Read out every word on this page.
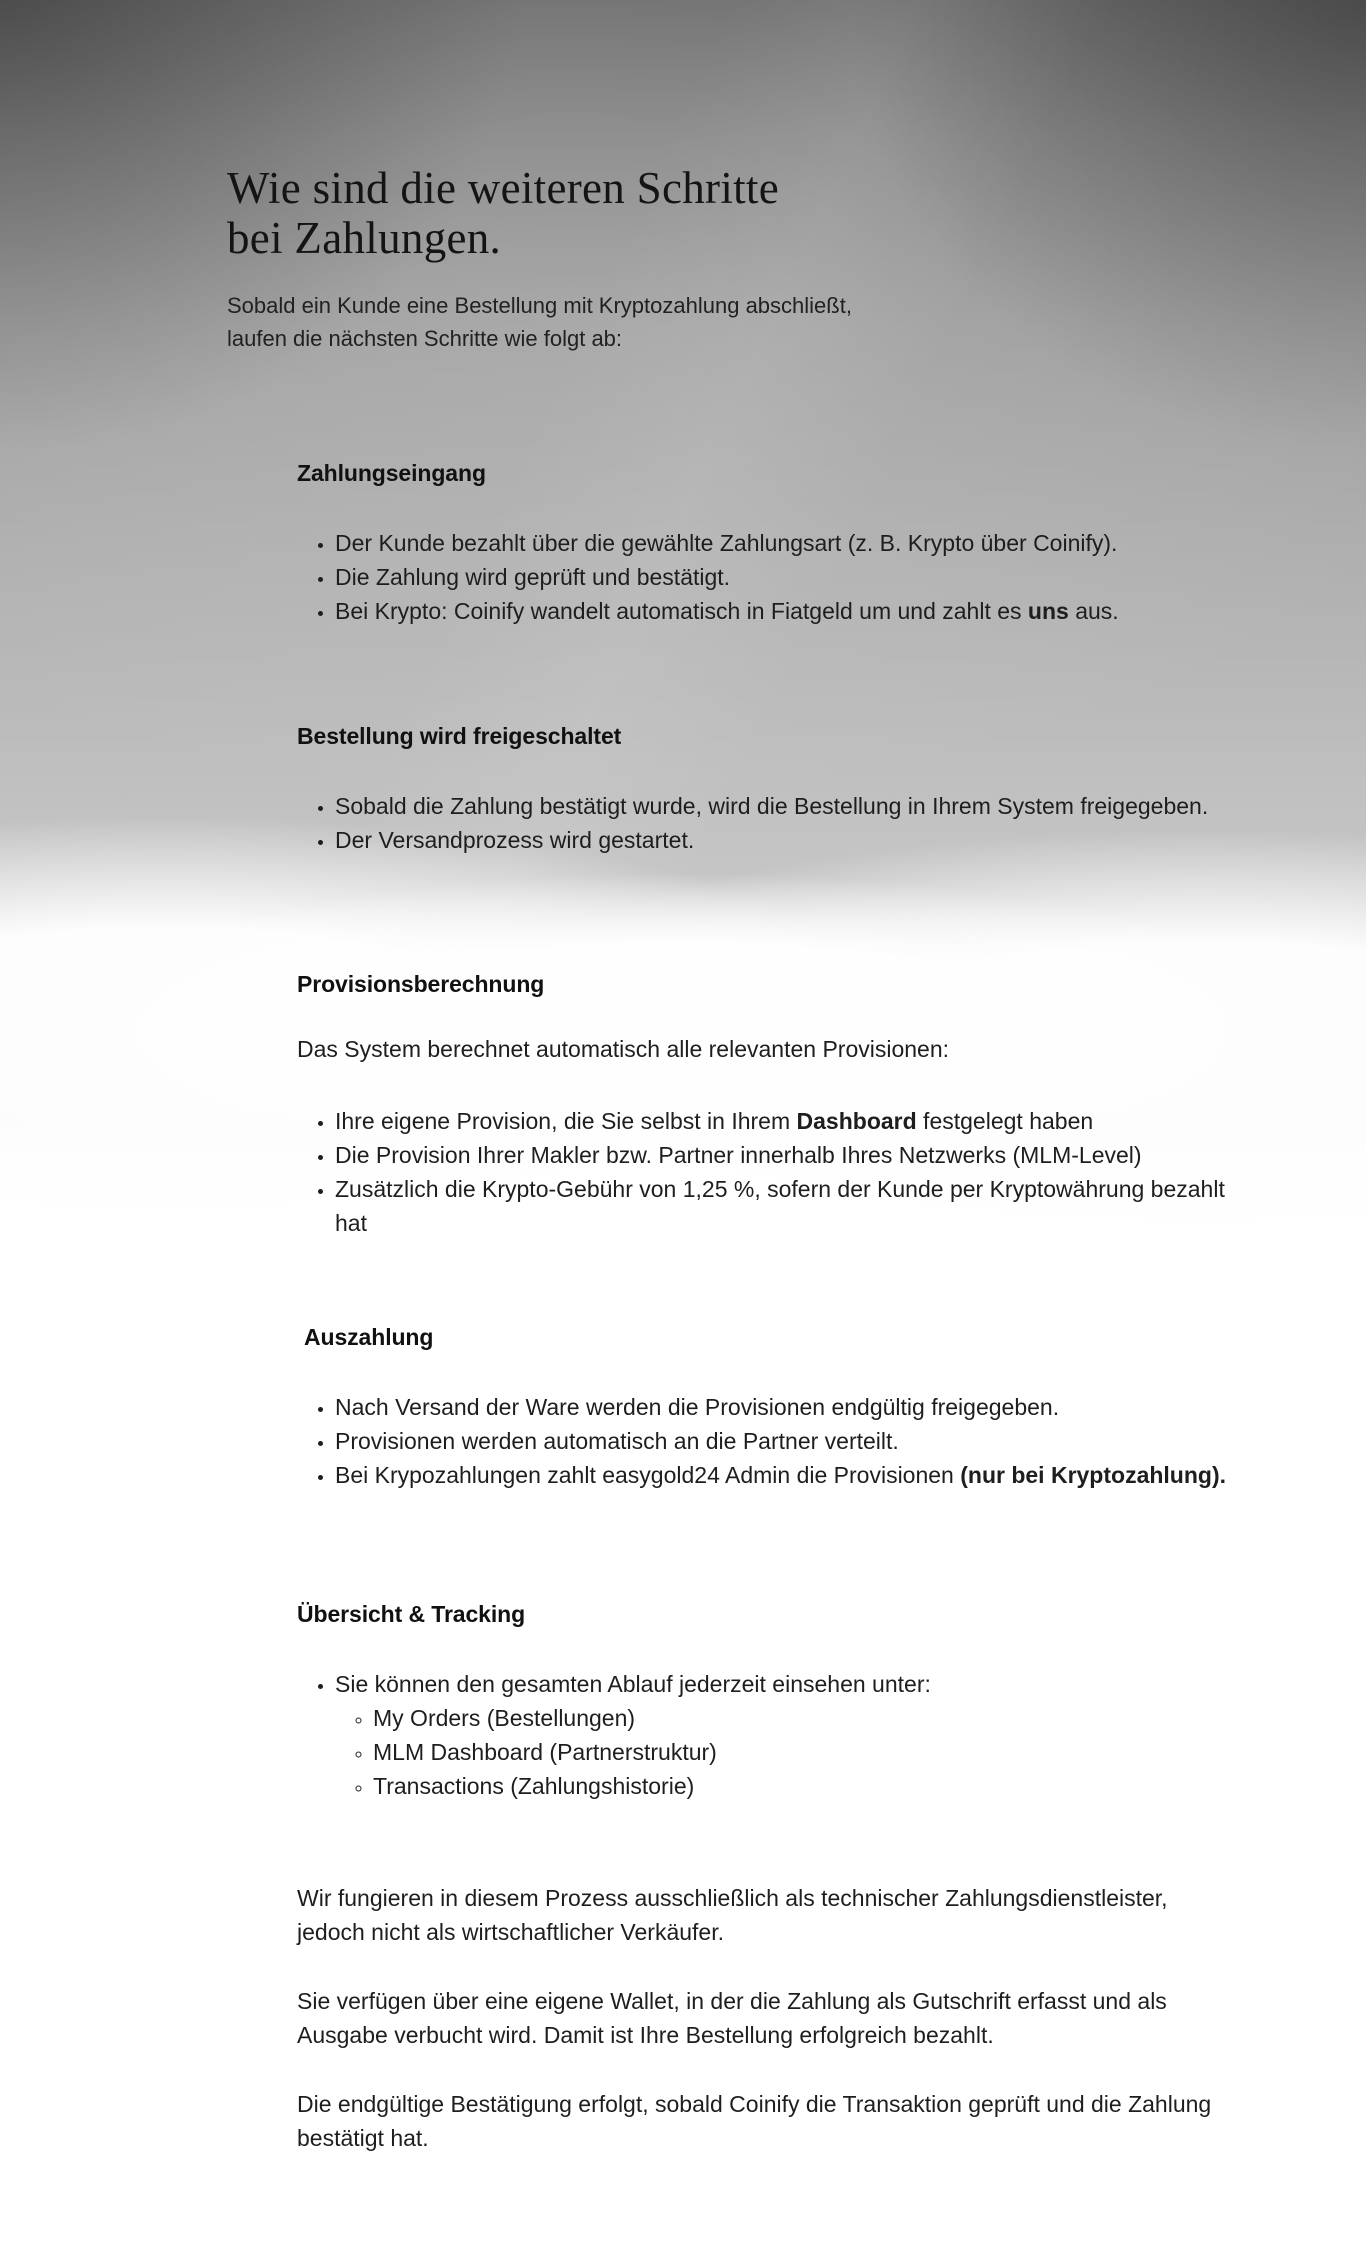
Wie sind die weiteren Schritte
bei Zahlungen.

Sobald ein Kunde eine Bestellung mit Kryptozahlung abschließt, laufen die nächsten Schritte wie folgt ab:

Zahlungseingang
• Der Kunde bezahlt über die gewählte Zahlungsart (z. B. Krypto über Coinify).
• Die Zahlung wird geprüft und bestätigt.
• Bei Krypto: Coinify wandelt automatisch in Fiatgeld um und zahlt es uns aus.
Bestellung wird freigeschaltet
• Sobald die Zahlung bestätigt wurde, wird die Bestellung in Ihrem System freigegeben.
• Der Versandprozess wird gestartet.
Provisionsberechnung

Das System berechnet automatisch alle relevanten Provisionen:

• Ihre eigene Provision, die Sie selbst in Ihrem Dashboard festgelegt haben
• Die Provision Ihrer Makler bzw. Partner innerhalb Ihres Netzwerks (MLM-Level)
• Zusätzlich die Krypto-Gebühr von 1,25 %, sofern der Kunde per Kryptowährung bezahlt hat
Auszahlung
• Nach Versand der Ware werden die Provisionen endgültig freigegeben.
• Provisionen werden automatisch an die Partner verteilt.
• Bei Krypozahlungen zahlt easygold24 Admin die Provisionen (nur bei Kryptozahlung).
Übersicht & Tracking
• Sie können den gesamten Ablauf jederzeit einsehen unter:
◦ My Orders (Bestellungen)
◦ MLM Dashboard (Partnerstruktur)
◦ Transactions (Zahlungshistorie)

Wir fungieren in diesem Prozess ausschließlich als technischer Zahlungsdienstleister, jedoch nicht als wirtschaftlicher Verkäufer.

Sie verfügen über eine eigene Wallet, in der die Zahlung als Gutschrift erfasst und als Ausgabe verbucht wird. Damit ist Ihre Bestellung erfolgreich bezahlt.

Die endgültige Bestätigung erfolgt, sobald Coinify die Transaktion geprüft und die Zahlung bestätigt hat.
